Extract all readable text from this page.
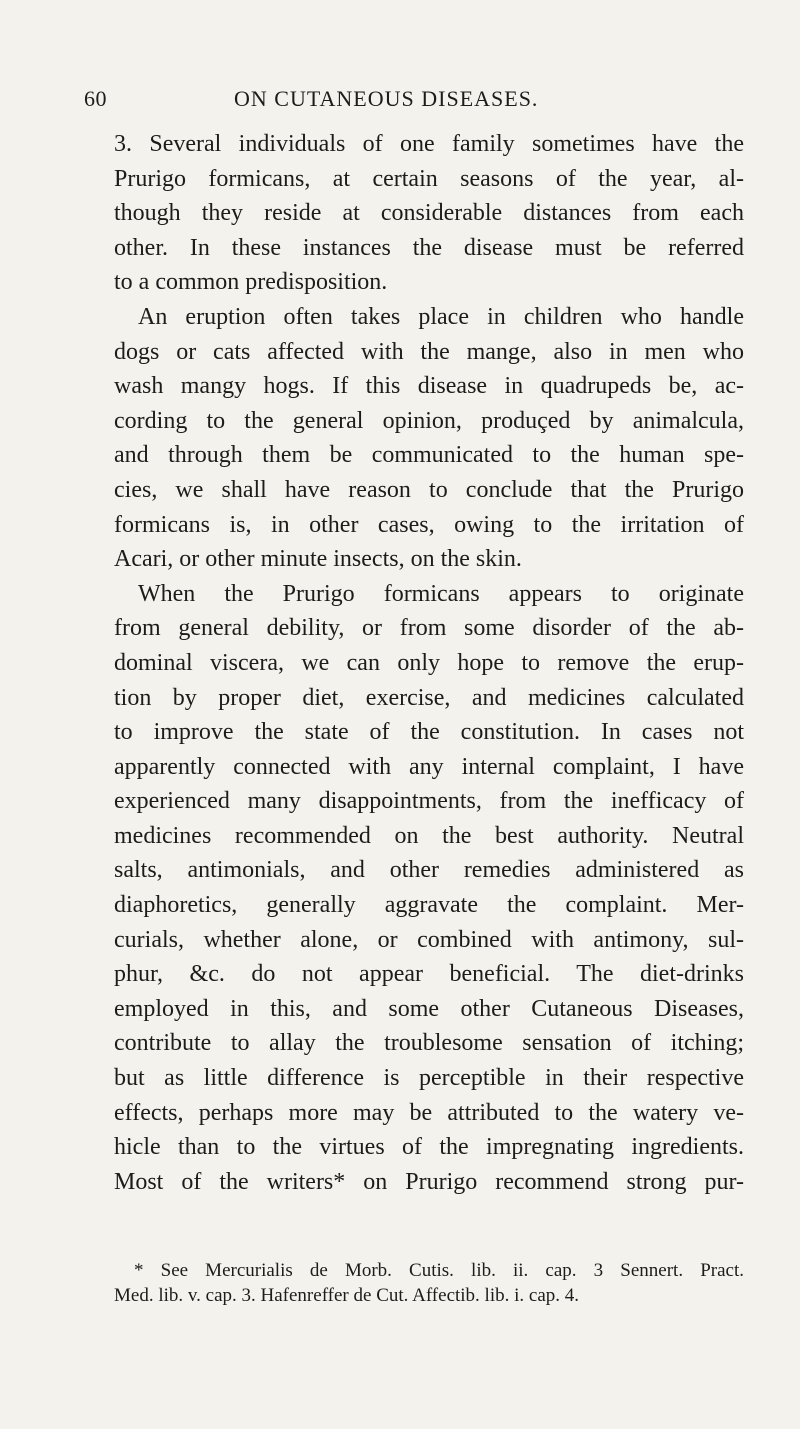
60	ON CUTANEOUS DISEASES.
3. Several individuals of one family sometimes have the
Prurigo formicans, at certain seasons of the year, al-
though they reside at considerable distances from each
other. In these instances the disease must be referred
to a common predisposition.
An eruption often takes place in children who handle
dogs or cats affected with the mange, also in men who
wash mangy hogs. If this disease in quadrupeds be, ac-
cording to the general opinion, produçed by animalcula,
and through them be communicated to the human spe-
cies, we shall have reason to conclude that the Prurigo
formicans is, in other cases, owing to the irritation of
Acari, or other minute insects, on the skin.
When the Prurigo formicans appears to originate
from general debility, or from some disorder of the ab-
dominal viscera, we can only hope to remove the erup-
tion by proper diet, exercise, and medicines calculated
to improve the state of the constitution. In cases not
apparently connected with any internal complaint, I have
experienced many disappointments, from the inefficacy of
medicines recommended on the best authority. Neutral
salts, antimonials, and other remedies administered as
diaphoretics, generally aggravate the complaint. Mer-
curials, whether alone, or combined with antimony, sul-
phur, &c. do not appear beneficial. The diet-drinks
employed in this, and some other Cutaneous Diseases,
contribute to allay the troublesome sensation of itching;
but as little difference is perceptible in their respective
effects, perhaps more may be attributed to the watery ve-
hicle than to the virtues of the impregnating ingredients.
Most of the writers* on Prurigo recommend strong pur-
* See Mercurialis de Morb. Cutis. lib. ii. cap. 3 Sennert. Pract.
Med. lib. v. cap. 3. Hafenreffer de Cut. Affectib. lib. i. cap. 4.
